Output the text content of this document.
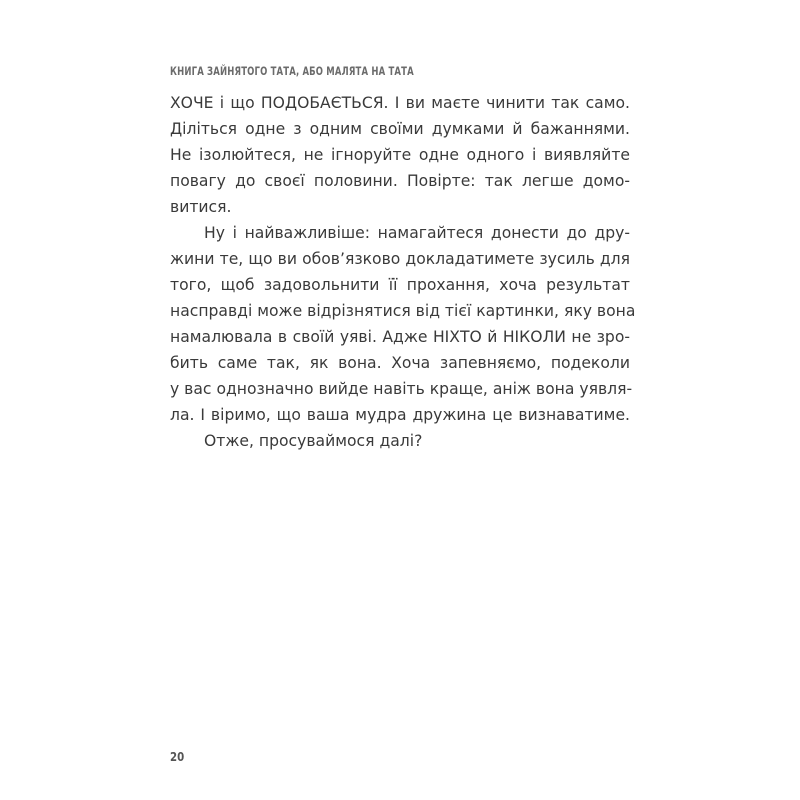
КНИГА ЗАЙНЯТОГО ТАТА, АБО МАЛЯТА НА ТАТА
ХОЧЕ і що ПОДОБАЄТЬСЯ. І ви маєте чинити так само.
Діліться одне з одним своїми думками й бажаннями.
Не ізолюйтеся, не ігноруйте одне одного і виявляйте
повагу до своєї половини. Повірте: так легше домо-
витися.
Ну і найважливіше: намагайтеся донести до дру-
жини те, що ви обов’язково докладатимете зусиль для
того, щоб задовольнити її прохання, хоча результат
насправді може відрізнятися від тієї картинки, яку вона
намалювала в своїй уяві. Адже НІХТО й НІКОЛИ не зро-
бить саме так, як вона. Хоча запевняємо, подеколи
у вас однозначно вийде навіть краще, аніж вона уявля-
ла. І віримо, що ваша мудра дружина це визнаватиме.
Отже, просуваймося далі?
20
